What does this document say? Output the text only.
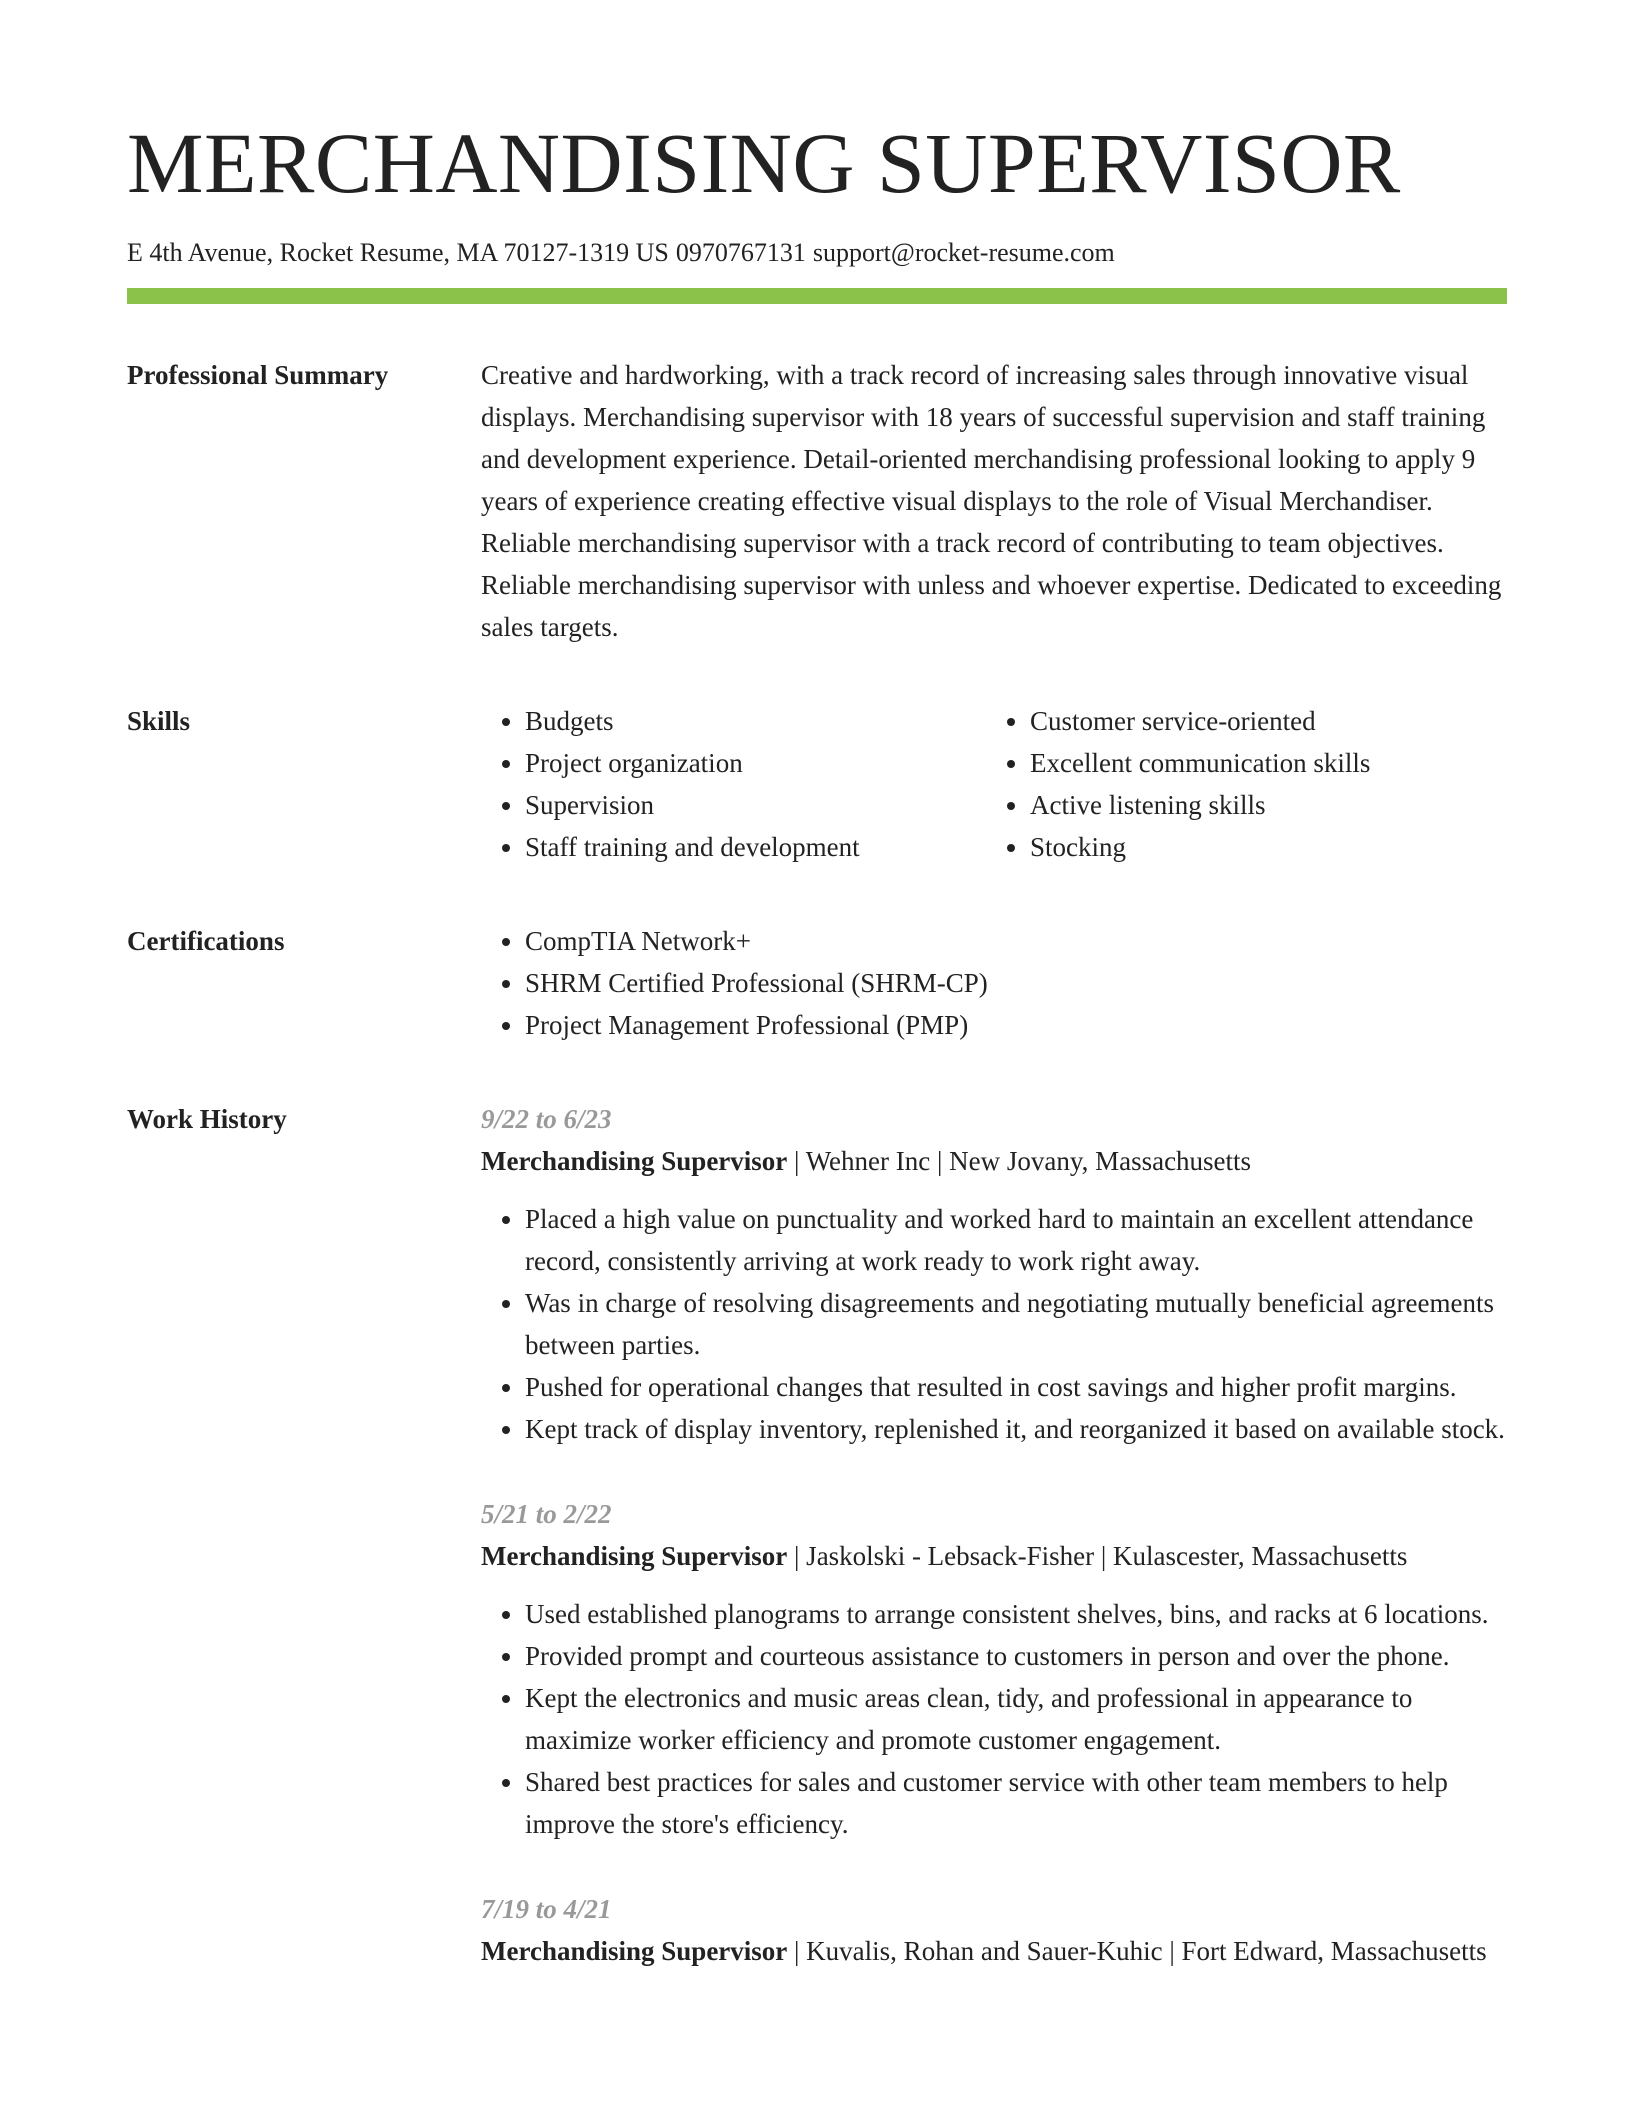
MERCHANDISING SUPERVISOR
E 4th Avenue, Rocket Resume, MA 70127-1319 US 0970767131 support@rocket-resume.com
Professional Summary	Creative and hardworking, with a track record of increasing sales through innovative visual displays. Merchandising supervisor with 18 years of successful supervision and staff training and development experience. Detail-oriented merchandising professional looking to apply 9 years of experience creating effective visual displays to the role of Visual Merchandiser. Reliable merchandising supervisor with a track record of contributing to team objectives. Reliable merchandising supervisor with unless and whoever expertise. Dedicated to exceeding sales targets.

Skills	• Budgets
• Project organization
• Supervision
• Staff training and development
• Customer service-oriented
• Excellent communication skills
• Active listening skills
• Stocking
Certifications	• CompTIA Network+
• SHRM Certified Professional (SHRM-CP)
• Project Management Professional (PMP)
Work History	9/22 to 6/23
Merchandising Supervisor | Wehner Inc | New Jovany, Massachusetts
• Placed a high value on punctuality and worked hard to maintain an excellent attendance record, consistently arriving at work ready to work right away.
• Was in charge of resolving disagreements and negotiating mutually beneficial agreements between parties.
• Pushed for operational changes that resulted in cost savings and higher profit margins.
• Kept track of display inventory, replenished it, and reorganized it based on available stock.
5/21 to 2/22
Merchandising Supervisor | Jaskolski - Lebsack-Fisher | Kulascester, Massachusetts
• Used established planograms to arrange consistent shelves, bins, and racks at 6 locations.
• Provided prompt and courteous assistance to customers in person and over the phone.
• Kept the electronics and music areas clean, tidy, and professional in appearance to maximize worker efficiency and promote customer engagement.
• Shared best practices for sales and customer service with other team members to help improve the store's efficiency.
7/19 to 4/21
Merchandising Supervisor | Kuvalis, Rohan and Sauer-Kuhic | Fort Edward, Massachusetts
